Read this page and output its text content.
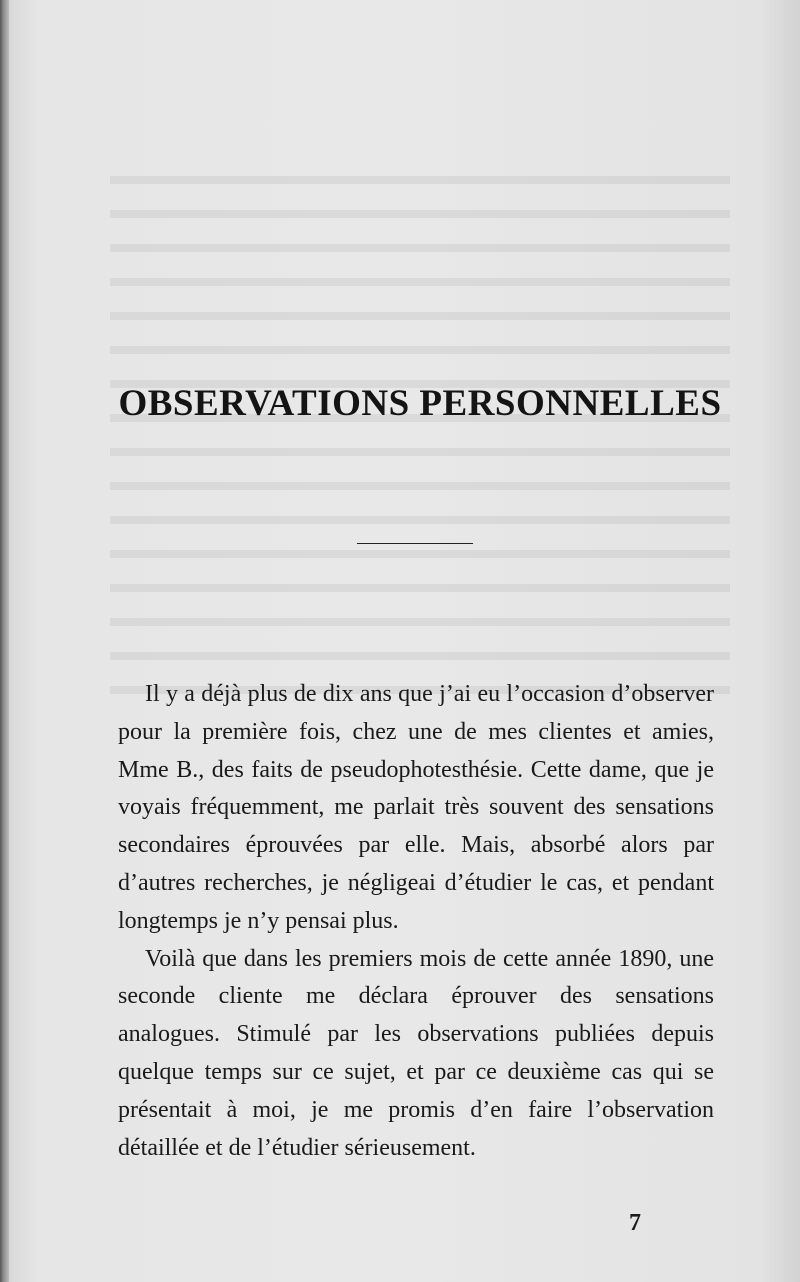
OBSERVATIONS PERSONNELLES

Il y a déjà plus de dix ans que j’ai eu l’occasion d’observer pour la première fois, chez une de mes clientes et amies, Mme B., des faits de pseudophotesthésie. Cette dame, que je voyais fréquemment, me parlait très souvent des sensations secondaires éprouvées par elle. Mais, absorbé alors par d’autres recherches, je négligeai d’étudier le cas, et pendant longtemps je n’y pensai plus.

Voilà que dans les premiers mois de cette année 1890, une seconde cliente me déclara éprouver des sensations analogues. Stimulé par les observations publiées depuis quelque temps sur ce sujet, et par ce deuxième cas qui se présentait à moi, je me promis d’en faire l’observation détaillée et de l’étudier sérieusement.

7
